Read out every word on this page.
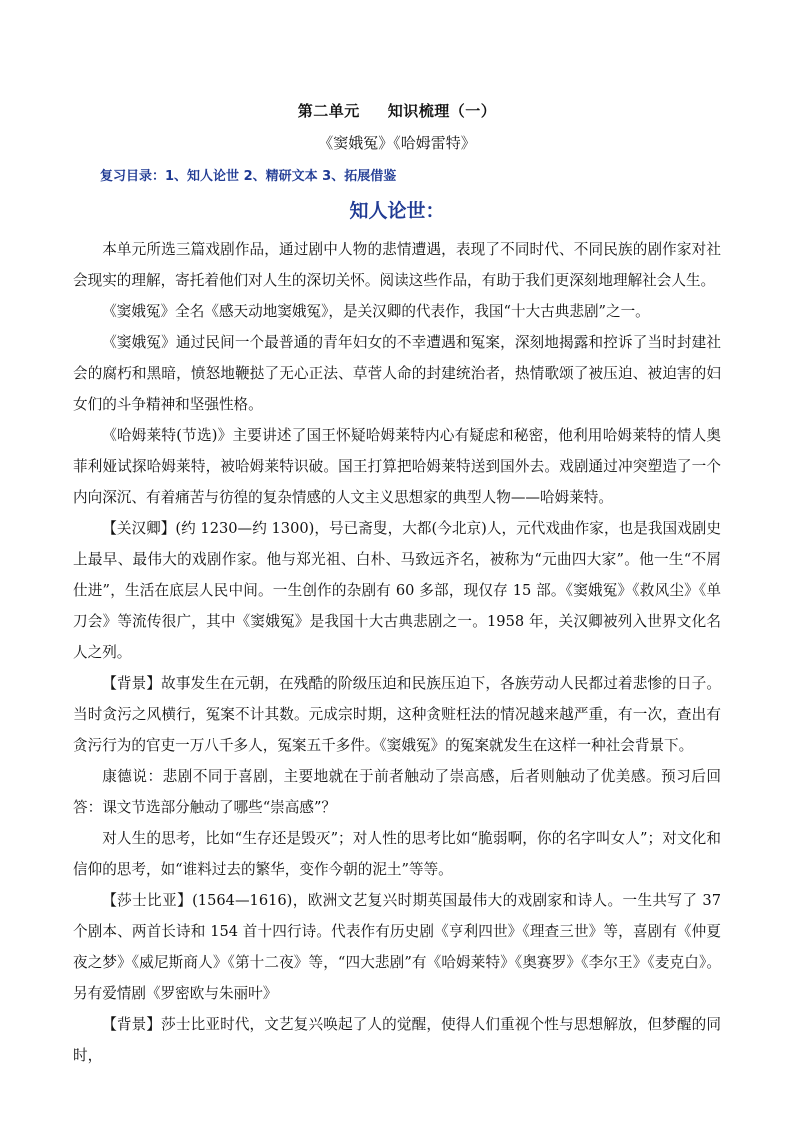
第二单元 知识梳理（一）
《窦娥冤》《哈姆雷特》
复习目录：1、知人论世 2、精研文本 3、拓展借鉴
知人论世：

本单元所选三篇戏剧作品，通过剧中人物的悲情遭遇，表现了不同时代、不同民族的剧作家对社会现实的理解，寄托着他们对人生的深切关怀。阅读这些作品，有助于我们更深刻地理解社会人生。

《窦娥冤》全名《感天动地窦娥冤》，是关汉卿的代表作，我国“十大古典悲剧”之一。

《窦娥冤》通过民间一个最普通的青年妇女的不幸遭遇和冤案，深刻地揭露和控诉了当时封建社会的腐朽和黑暗，愤怒地鞭挞了无心正法、草菅人命的封建统治者，热情歌颂了被压迫、被迫害的妇女们的斗争精神和坚强性格。

《哈姆莱特(节选)》主要讲述了国王怀疑哈姆莱特内心有疑虑和秘密，他利用哈姆莱特的情人奥菲利娅试探哈姆莱特，被哈姆莱特识破。国王打算把哈姆莱特送到国外去。戏剧通过冲突塑造了一个内向深沉、有着痛苦与彷徨的复杂情感的人文主义思想家的典型人物——哈姆莱特。

【关汉卿】(约 1230—约 1300)，号已斋叟，大都(今北京)人，元代戏曲作家，也是我国戏剧史上最早、最伟大的戏剧作家。他与郑光祖、白朴、马致远齐名，被称为“元曲四大家”。他一生“不屑仕进”，生活在底层人民中间。一生创作的杂剧有 60 多部，现仅存 15 部。《窦娥冤》《救风尘》《单刀会》等流传很广，其中《窦娥冤》是我国十大古典悲剧之一。1958 年，关汉卿被列入世界文化名人之列。

【背景】故事发生在元朝，在残酷的阶级压迫和民族压迫下，各族劳动人民都过着悲惨的日子。当时贪污之风横行，冤案不计其数。元成宗时期，这种贪赃枉法的情况越来越严重，有一次，查出有贪污行为的官吏一万八千多人，冤案五千多件。《窦娥冤》的冤案就发生在这样一种社会背景下。

康德说：悲剧不同于喜剧，主要地就在于前者触动了崇高感，后者则触动了优美感。预习后回答：课文节选部分触动了哪些“崇高感”？

对人生的思考，比如“生存还是毁灭”；对人性的思考比如“脆弱啊，你的名字叫女人”；对文化和信仰的思考，如“谁料过去的繁华，变作今朝的泥土”等等。

【莎士比亚】(1564—1616)，欧洲文艺复兴时期英国最伟大的戏剧家和诗人。一生共写了 37 个剧本、两首长诗和 154 首十四行诗。代表作有历史剧《亨利四世》《理查三世》等，喜剧有《仲夏夜之梦》《威尼斯商人》《第十二夜》等，“四大悲剧”有《哈姆莱特》《奥赛罗》《李尔王》《麦克白》。另有爱情剧《罗密欧与朱丽叶》

【背景】莎士比亚时代，文艺复兴唤起了人的觉醒，使得人们重视个性与思想解放，但梦醒的同时，
